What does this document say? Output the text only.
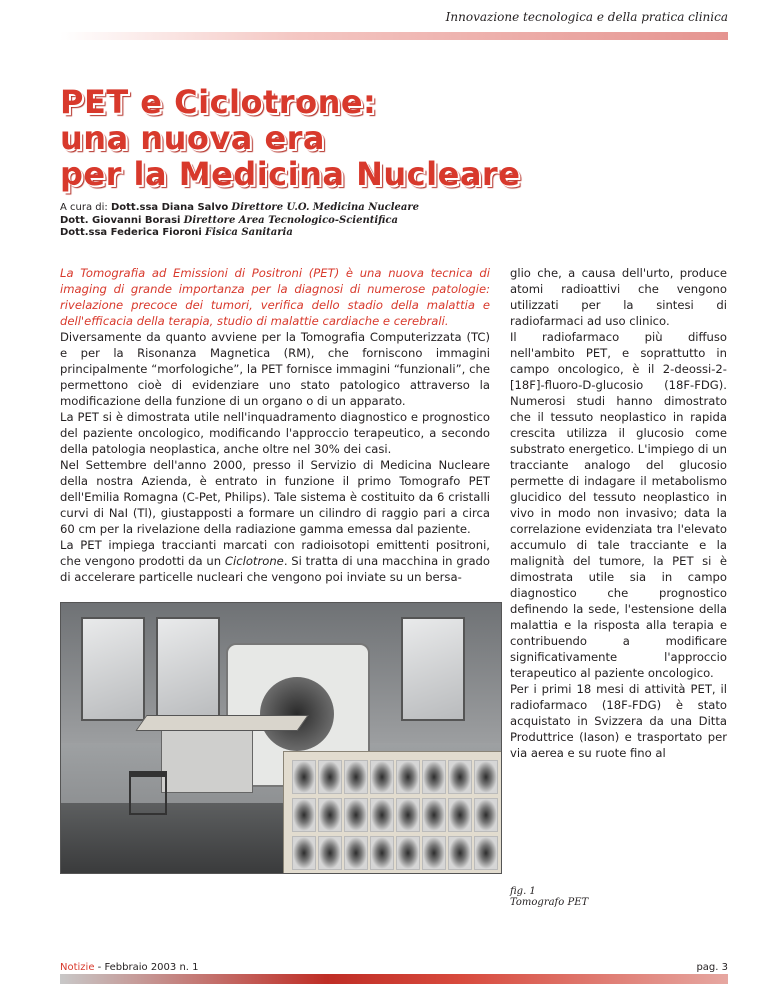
Innovazione tecnologica e della pratica clinica
PET e Ciclotrone:
una nuova era
per la Medicina Nucleare
A cura di: Dott.ssa Diana Salvo Direttore U.O. Medicina Nucleare
Dott. Giovanni Borasi Direttore Area Tecnologico-Scientifica
Dott.ssa Federica Fioroni Fisica Sanitaria

La Tomografia ad Emissioni di Positroni (PET) è una nuova tecnica di imaging di grande importanza per la diagnosi di numerose patologie: rivelazione precoce dei tumori, verifica dello stadio della malattia e dell'efficacia della terapia, studio di malattie cardiache e cerebrali.

Diversamente da quanto avviene per la Tomografia Computerizzata (TC) e per la Risonanza Magnetica (RM), che forniscono immagini principalmente “morfologiche”, la PET fornisce immagini “funzionali”, che permettono cioè di evidenziare uno stato patologico attraverso la modificazione della funzione di un organo o di un apparato.

La PET si è dimostrata utile nell'inquadramento diagnostico e prognostico del paziente oncologico, modificando l'approccio terapeutico, a secondo della patologia neoplastica, anche oltre nel 30% dei casi.

Nel Settembre dell'anno 2000, presso il Servizio di Medicina Nucleare della nostra Azienda, è entrato in funzione il primo Tomografo PET dell'Emilia Romagna (C-Pet, Philips). Tale sistema è costituito da 6 cristalli curvi di NaI (Tl), giustapposti a formare un cilindro di raggio pari a circa 60 cm per la rivelazione della radiazione gamma emessa dal paziente.

La PET impiega traccianti marcati con radioisotopi emittenti positroni, che vengono prodotti da un Ciclotrone. Si tratta di una macchina in grado di accelerare particelle nucleari che vengono poi inviate su un bersa-

glio che, a causa dell'urto, produce atomi radioattivi che vengono utilizzati per la sintesi di radiofarmaci ad uso clinico.

Il radiofarmaco più diffuso nell'ambito PET, e soprattutto in campo oncologico, è il 2-deossi-2-[18F]-fluoro-D-glucosio (18F-FDG). Numerosi studi hanno dimostrato che il tessuto neoplastico in rapida crescita utilizza il glucosio come substrato energetico. L'impiego di un tracciante analogo del glucosio permette di indagare il metabolismo glucidico del tessuto neoplastico in vivo in modo non invasivo; data la correlazione evidenziata tra l'elevato accumulo di tale tracciante e la malignità del tumore, la PET si è dimostrata utile sia in campo diagnostico che prognostico definendo la sede, l'estensione della malattia e la risposta alla terapia e contribuendo a modificare significativamente l'approccio terapeutico al paziente oncologico.

Per i primi 18 mesi di attività PET, il radiofarmaco (18F-FDG) è stato acquistato in Svizzera da una Ditta Produttrice (Iason) e trasportato per via aerea e su ruote fino al

fig. 1
Tomografo PET
Notizie - Febbraio 2003 n. 1	pag. 3
